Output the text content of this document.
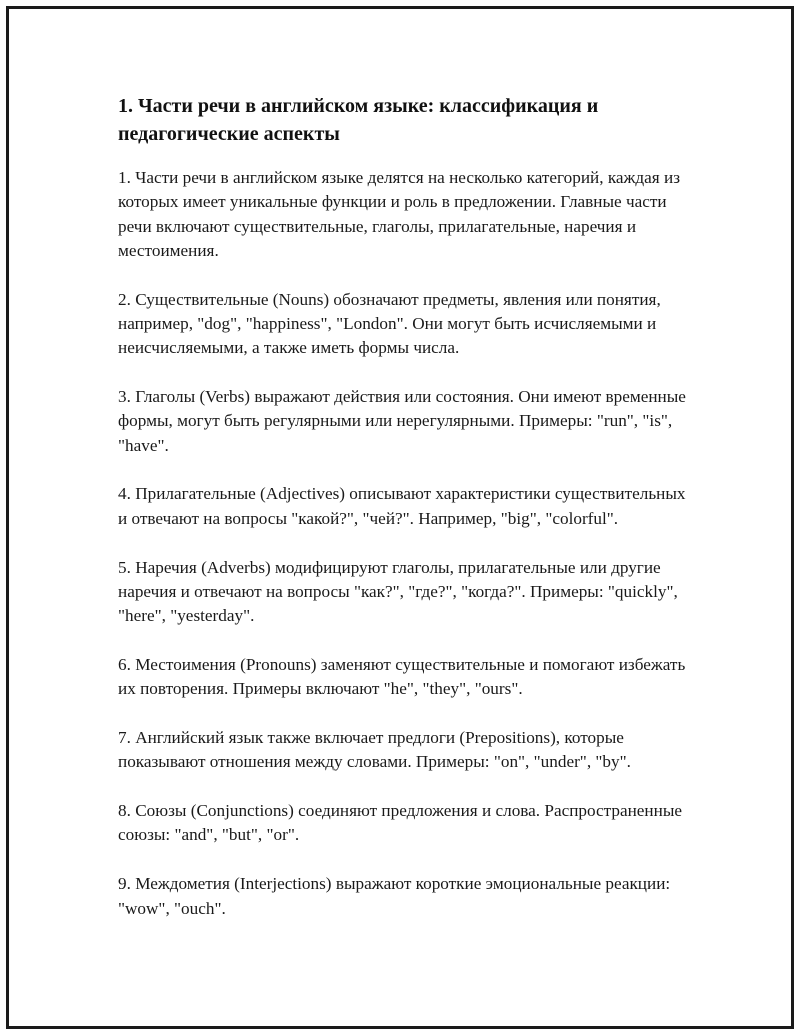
1. Части речи в английском языке: классификация и педагогические аспекты

1. Части речи в английском языке делятся на несколько категорий, каждая из которых имеет уникальные функции и роль в предложении. Главные части речи включают существительные, глаголы, прилагательные, наречия и местоимения.

2. Существительные (Nouns) обозначают предметы, явления или понятия, например, "dog", "happiness", "London". Они могут быть исчисляемыми и неисчисляемыми, а также иметь формы числа.

3. Глаголы (Verbs) выражают действия или состояния. Они имеют временные формы, могут быть регулярными или нерегулярными. Примеры: "run", "is", "have".

4. Прилагательные (Adjectives) описывают характеристики существительных и отвечают на вопросы "какой?", "чей?". Например, "big", "colorful".

5. Наречия (Adverbs) модифицируют глаголы, прилагательные или другие наречия и отвечают на вопросы "как?", "где?", "когда?". Примеры: "quickly", "here", "yesterday".

6. Местоимения (Pronouns) заменяют существительные и помогают избежать их повторения. Примеры включают "he", "they", "ours".

7. Английский язык также включает предлоги (Prepositions), которые показывают отношения между словами. Примеры: "on", "under", "by".

8. Союзы (Conjunctions) соединяют предложения и слова. Распространенные союзы: "and", "but", "or".

9. Междометия (Interjections) выражают короткие эмоциональные реакции: "wow", "ouch".
